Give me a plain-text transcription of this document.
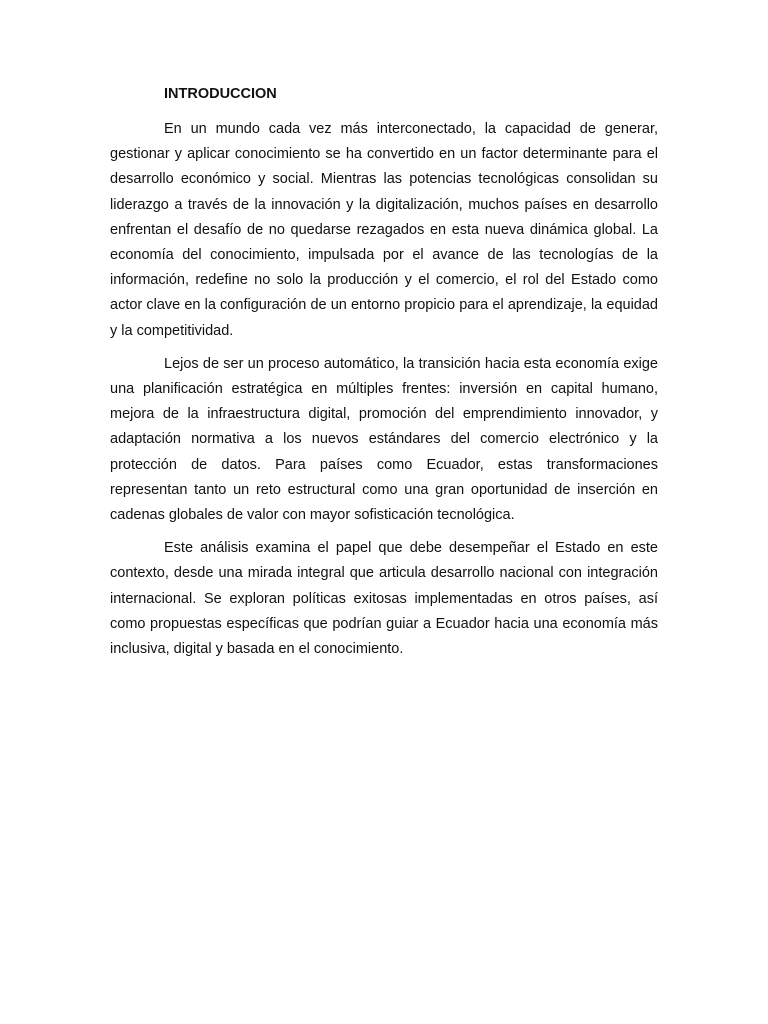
INTRODUCCION

En un mundo cada vez más interconectado, la capacidad de generar, gestionar y aplicar conocimiento se ha convertido en un factor determinante para el desarrollo económico y social. Mientras las potencias tecnológicas consolidan su liderazgo a través de la innovación y la digitalización, muchos países en desarrollo enfrentan el desafío de no quedarse rezagados en esta nueva dinámica global. La economía del conocimiento, impulsada por el avance de las tecnologías de la información, redefine no solo la producción y el comercio, el rol del Estado como actor clave en la configuración de un entorno propicio para el aprendizaje, la equidad y la competitividad.

Lejos de ser un proceso automático, la transición hacia esta economía exige una planificación estratégica en múltiples frentes: inversión en capital humano, mejora de la infraestructura digital, promoción del emprendimiento innovador, y adaptación normativa a los nuevos estándares del comercio electrónico y la protección de datos. Para países como Ecuador, estas transformaciones representan tanto un reto estructural como una gran oportunidad de inserción en cadenas globales de valor con mayor sofisticación tecnológica.

Este análisis examina el papel que debe desempeñar el Estado en este contexto, desde una mirada integral que articula desarrollo nacional con integración internacional. Se exploran políticas exitosas implementadas en otros países, así como propuestas específicas que podrían guiar a Ecuador hacia una economía más inclusiva, digital y basada en el conocimiento.
